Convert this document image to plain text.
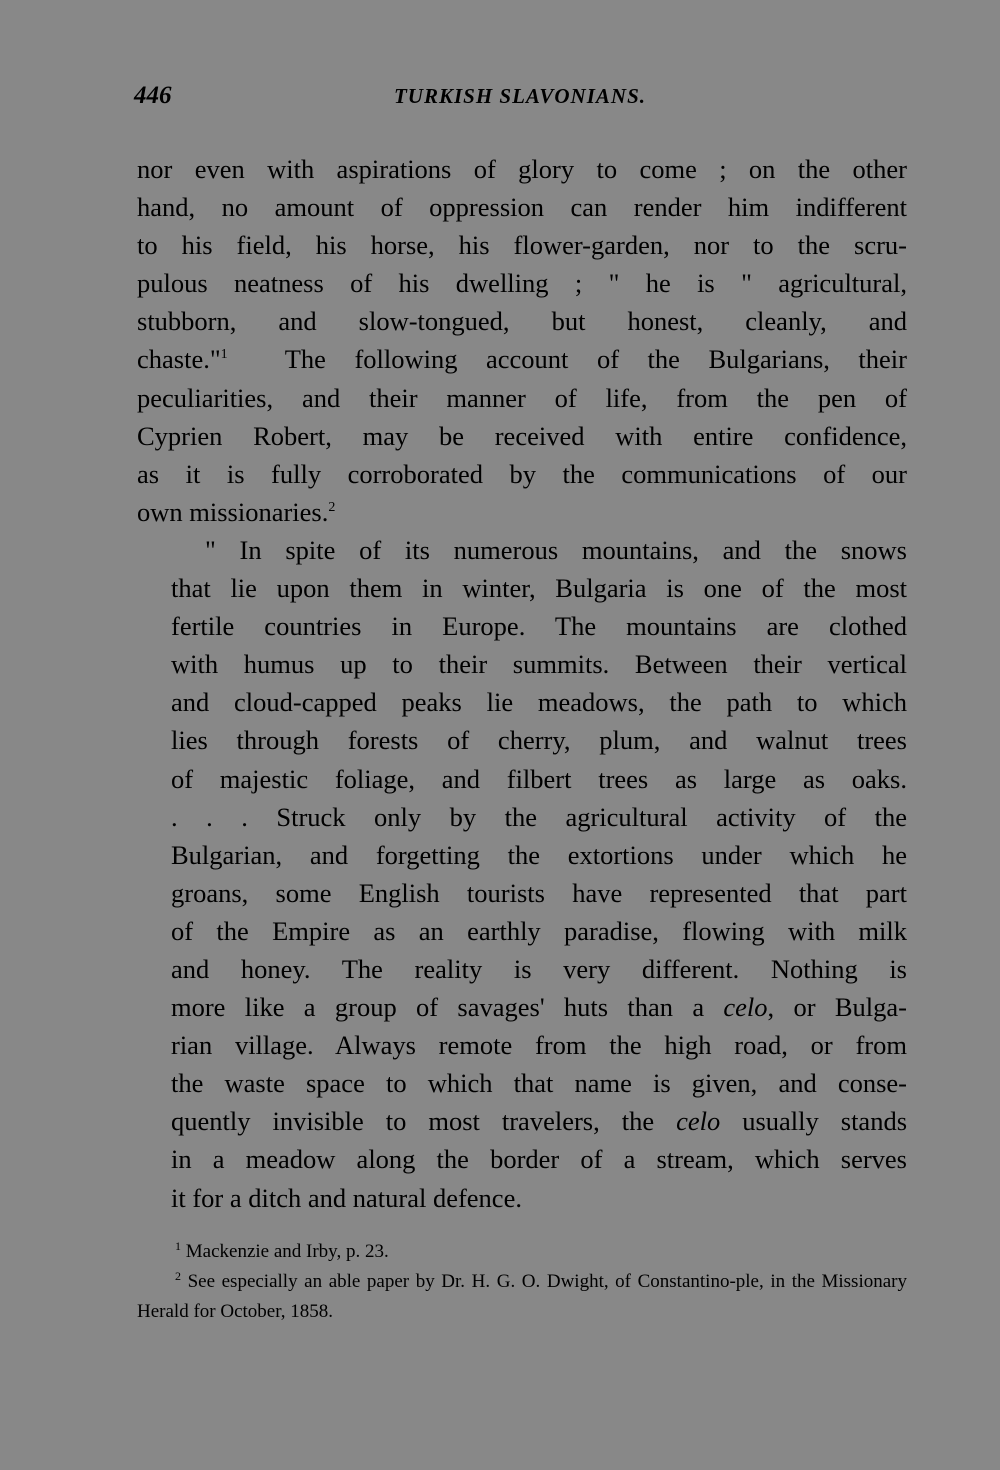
446	TURKISH SLAVONIANS.
nor even with aspirations of glory to come ; on the other
hand, no amount of oppression can render him indifferent
to his field, his horse, his flower-garden, nor to the scru-
pulous neatness of his dwelling ; " he is " agricultural,
stubborn, and slow-tongued, but honest, cleanly, and
chaste."$^1$ The following account of the Bulgarians, their
peculiarities, and their manner of life, from the pen of
Cyprien Robert, may be received with entire confidence,
as it is fully corroborated by the communications of our
own missionaries.$^2$
" In spite of its numerous mountains, and the snows
that lie upon them in winter, Bulgaria is one of the most
fertile countries in Europe. The mountains are clothed
with humus up to their summits. Between their vertical
and cloud-capped peaks lie meadows, the path to which
lies through forests of cherry, plum, and walnut trees
of majestic foliage, and filbert trees as large as oaks.
. . . Struck only by the agricultural activity of the
Bulgarian, and forgetting the extortions under which he
groans, some English tourists have represented that part
of the Empire as an earthly paradise, flowing with milk
and honey. The reality is very different. Nothing is
more like a group of savages' huts than a celo, or Bulga-
rian village. Always remote from the high road, or from
the waste space to which that name is given, and conse-
quently invisible to most travelers, the celo usually stands
in a meadow along the border of a stream, which serves
it for a ditch and natural defence.

$^1$ Mackenzie and Irby, p. 23.

$^2$ See especially an able paper by Dr. H. G. O. Dwight, of Constantino-ple, in the Missionary Herald for October, 1858.
